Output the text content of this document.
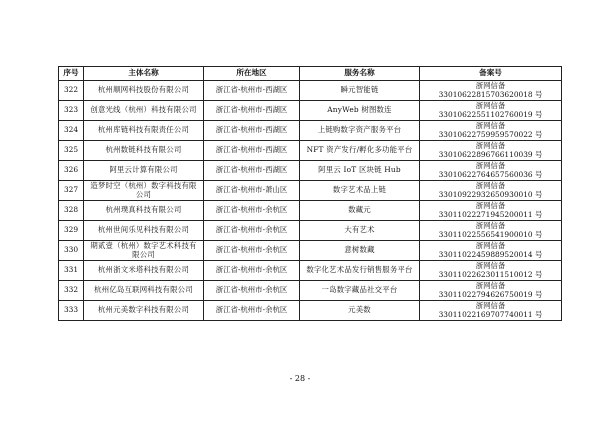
序号	主体名称	所在地区	服务名称	备案号
322	杭州顺网科技股份有限公司	浙江省-杭州市-西湖区	瞬元智能链	浙网信备
33010622815703620018 号

323	创意光线（杭州）科技有限公司	浙江省-杭州市-西湖区	AnyWeb 树图数连	浙网信备
33010622551102760019 号

324	杭州库链科技有限责任公司	浙江省-杭州市-西湖区	上链购数字资产服务平台	浙网信备
33010622759959570022 号

325	杭州数链科技有限公司	浙江省-杭州市-西湖区	NFT 资产发行/孵化多功能平台	浙网信备
33010622896766110039 号

326	阿里云计算有限公司	浙江省-杭州市-西湖区	阿里云 IoT 区块链 Hub	浙网信备
33010622764657560036 号

327	造梦时空（杭州）数字科技有限公司	浙江省-杭州市-萧山区	数字艺术品上链	浙网信备
33010922932650930010 号

328	杭州璞真科技有限公司	浙江省-杭州市-余杭区	数藏元	浙网信备
33011022271945200011 号

329	杭州世间乐见科技有限公司	浙江省-杭州市-余杭区	大有艺术	浙网信备
33011022556541900010 号

330	期贰壹（杭州）数字艺术科技有限公司	浙江省-杭州市-余杭区	意树数藏	浙网信备
33011022459889520014 号

331	杭州浙文米塔科技有限公司	浙江省-杭州市-余杭区	数字化艺术品发行销售服务平台	浙网信备
33011022623011510012 号

332	杭州亿岛互联网科技有限公司	浙江省-杭州市-余杭区	一岛数字藏品社交平台	浙网信备
33011022794626750019 号

333	杭州元美数字科技有限公司	浙江省-杭州市-余杭区	元美数	浙网信备
33011022169707740011 号
- 28 -
